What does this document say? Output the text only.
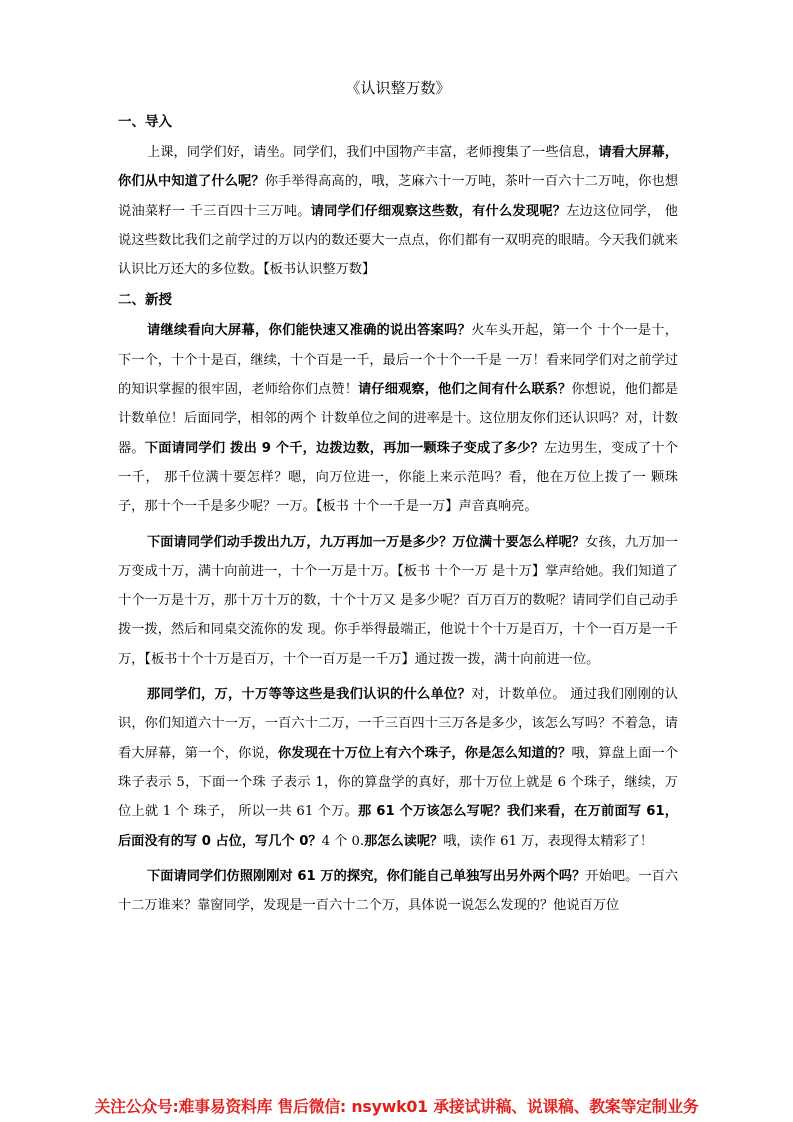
《认识整万数》
一、导入

上课，同学们好，请坐。同学们，我们中国物产丰富，老师搜集了一些信息，请看大屏幕，你们从中知道了什么呢？你手举得高高的，哦，芝麻六十一万吨，茶叶一百六十二万吨，你也想说油菜籽一 千三百四十三万吨。请同学们仔细观察这些数，有什么发现呢？左边这位同学， 他说这些数比我们之前学过的万以内的数还要大一点点，你们都有一双明亮的眼睛。今天我们就来认识比万还大的多位数。【板书认识整万数】

二、新授

请继续看向大屏幕，你们能快速又准确的说出答案吗？火车头开起，第一个 十个一是十，下一个，十个十是百，继续，十个百是一千，最后一个十个一千是 一万！看来同学们对之前学过的知识掌握的很牢固，老师给你们点赞！请仔细观察，他们之间有什么联系？你想说，他们都是计数单位！后面同学，相邻的两个 计数单位之间的进率是十。这位朋友你们还认识吗？对，计数器。下面请同学们 拨出 9 个千，边拨边数，再加一颗珠子变成了多少？左边男生，变成了十个一千， 那千位满十要怎样？嗯，向万位进一，你能上来示范吗？看，他在万位上拨了一 颗珠子，那十个一千是多少呢？一万。【板书 十个一千是一万】声音真响亮。

下面请同学们动手拨出九万，九万再加一万是多少？万位满十要怎么样呢？女孩，九万加一万变成十万，满十向前进一，十个一万是十万。【板书 十个一万 是十万】掌声给她。我们知道了十个一万是十万，那十万十万的数，十个十万又 是多少呢？百万百万的数呢？请同学们自己动手拨一拨，然后和同桌交流你的发 现。你手举得最端正，他说十个十万是百万，十个一百万是一千万，【板书十个十万是百万，十个一百万是一千万】通过拨一拨，满十向前进一位。

那同学们，万，十万等等这些是我们认识的什么单位？对，计数单位。 通过我们刚刚的认识，你们知道六十一万，一百六十二万，一千三百四十三万各是多少，该怎么写吗？不着急，请看大屏幕，第一个，你说，你发现在十万位上有六个珠子，你是怎么知道的？哦，算盘上面一个珠子表示 5，下面一个珠 子表示 1，你的算盘学的真好，那十万位上就是 6 个珠子，继续，万位上就 1 个 珠子， 所以一共 61 个万。那 61 个万该怎么写呢？我们来看，在万前面写 61，后面没有的写 0 占位，写几个 0？4 个 0.那怎么读呢？哦，读作 61 万，表现得太精彩了！

下面请同学们仿照刚刚对 61 万的探究，你们能自己单独写出另外两个吗？开始吧。一百六十二万谁来？靠窗同学，发现是一百六十二个万，具体说一说怎么发现的？他说百万位

关注公众号:难事易资料库 售后微信: nsywk01 承接试讲稿、说课稿、教案等定制业务
